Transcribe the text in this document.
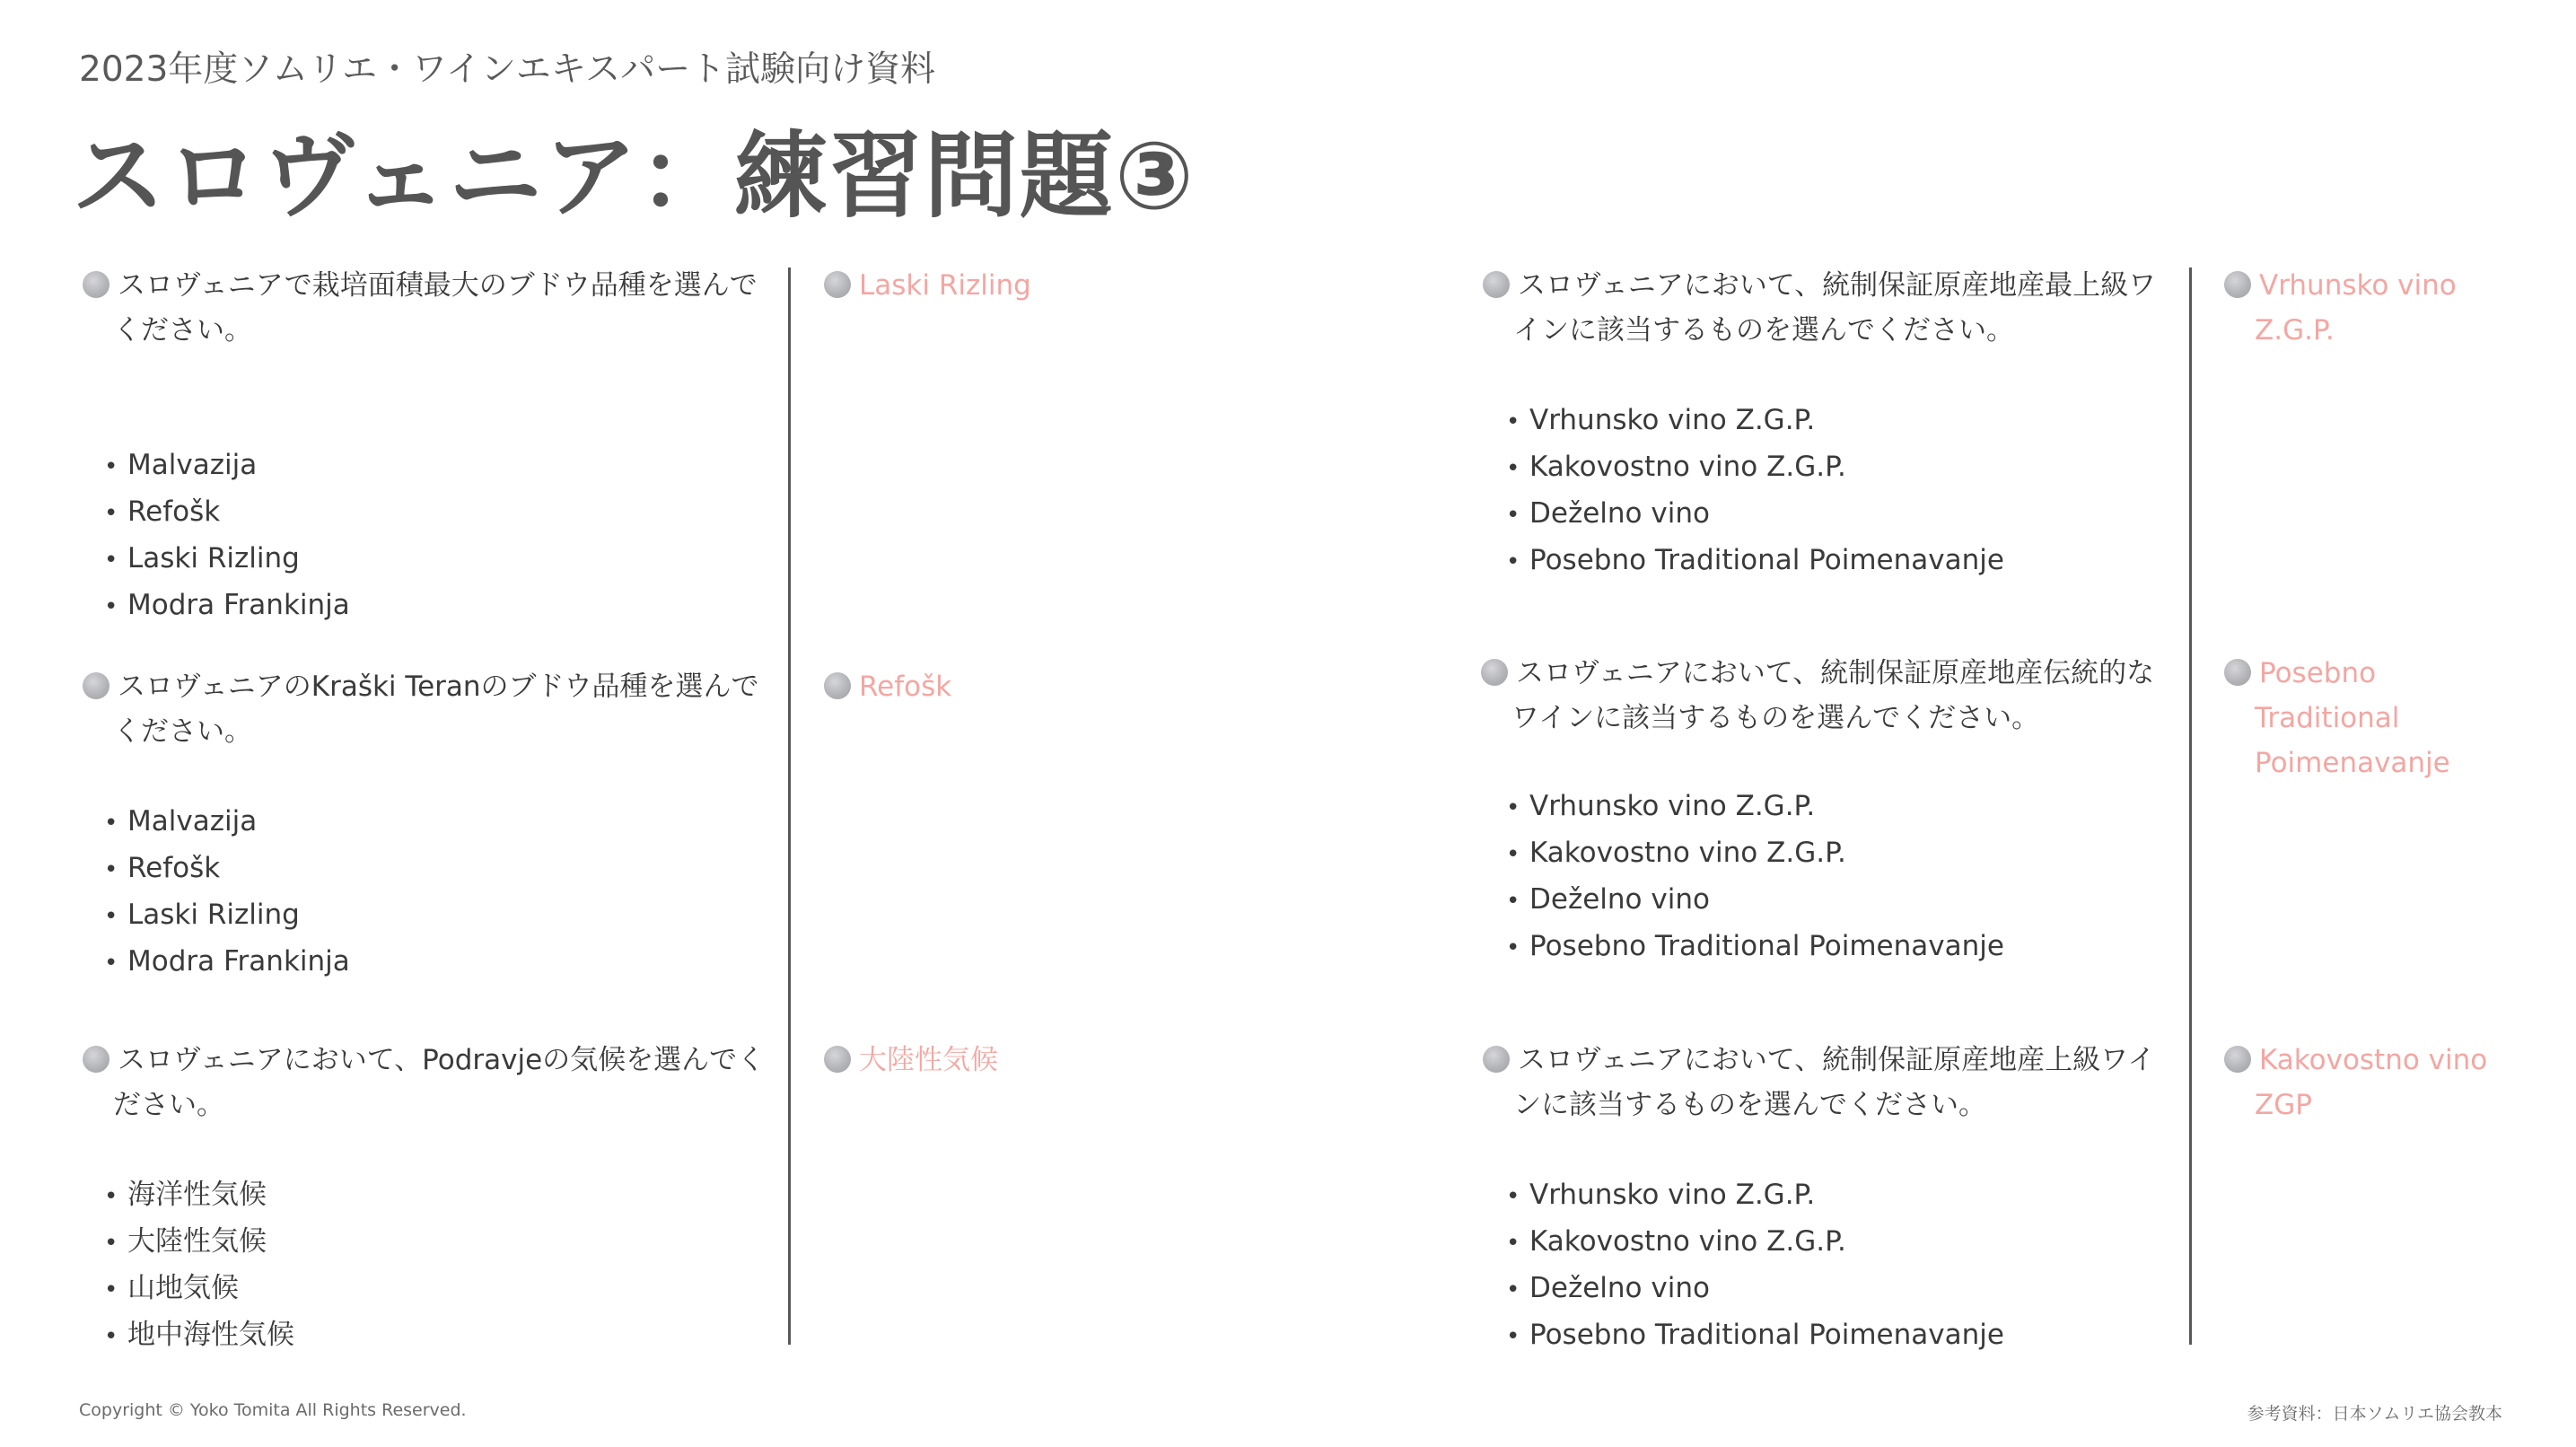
2023年度ソムリエ・ワインエキスパート試験向け資料
スロヴェニア：練習問題③
スロヴェニアで栽培面積最大のブドウ品種を選んでください。
• Malvazija
• Refošk
• Laski Rizling
• Modra Frankinja
Laski Rizling
スロヴェニアのKraški Teranのブドウ品種を選んでください。
• Malvazija
• Refošk
• Laski Rizling
• Modra Frankinja
Refošk
スロヴェニアにおいて、Podravjeの気候を選んでください。
• 海洋性気候
• 大陸性気候
• 山地気候
• 地中海性気候
大陸性気候
スロヴェニアにおいて、統制保証原産地産最上級ワインに該当するものを選んでください。
• Vrhunsko vino Z.G.P.
• Kakovostno vino Z.G.P.
• Deželno vino
• Posebno Traditional Poimenavanje
Vrhunsko vino Z.G.P.
スロヴェニアにおいて、統制保証原産地産伝統的なワインに該当するものを選んでください。
• Vrhunsko vino Z.G.P.
• Kakovostno vino Z.G.P.
• Deželno vino
• Posebno Traditional Poimenavanje
Posebno Traditional Poimenavanje
スロヴェニアにおいて、統制保証原産地産上級ワインに該当するものを選んでください。
• Vrhunsko vino Z.G.P.
• Kakovostno vino Z.G.P.
• Deželno vino
• Posebno Traditional Poimenavanje
Kakovostno vino ZGP
Copyright © Yoko Tomita All Rights Reserved.	参考資料：日本ソムリエ協会教本
